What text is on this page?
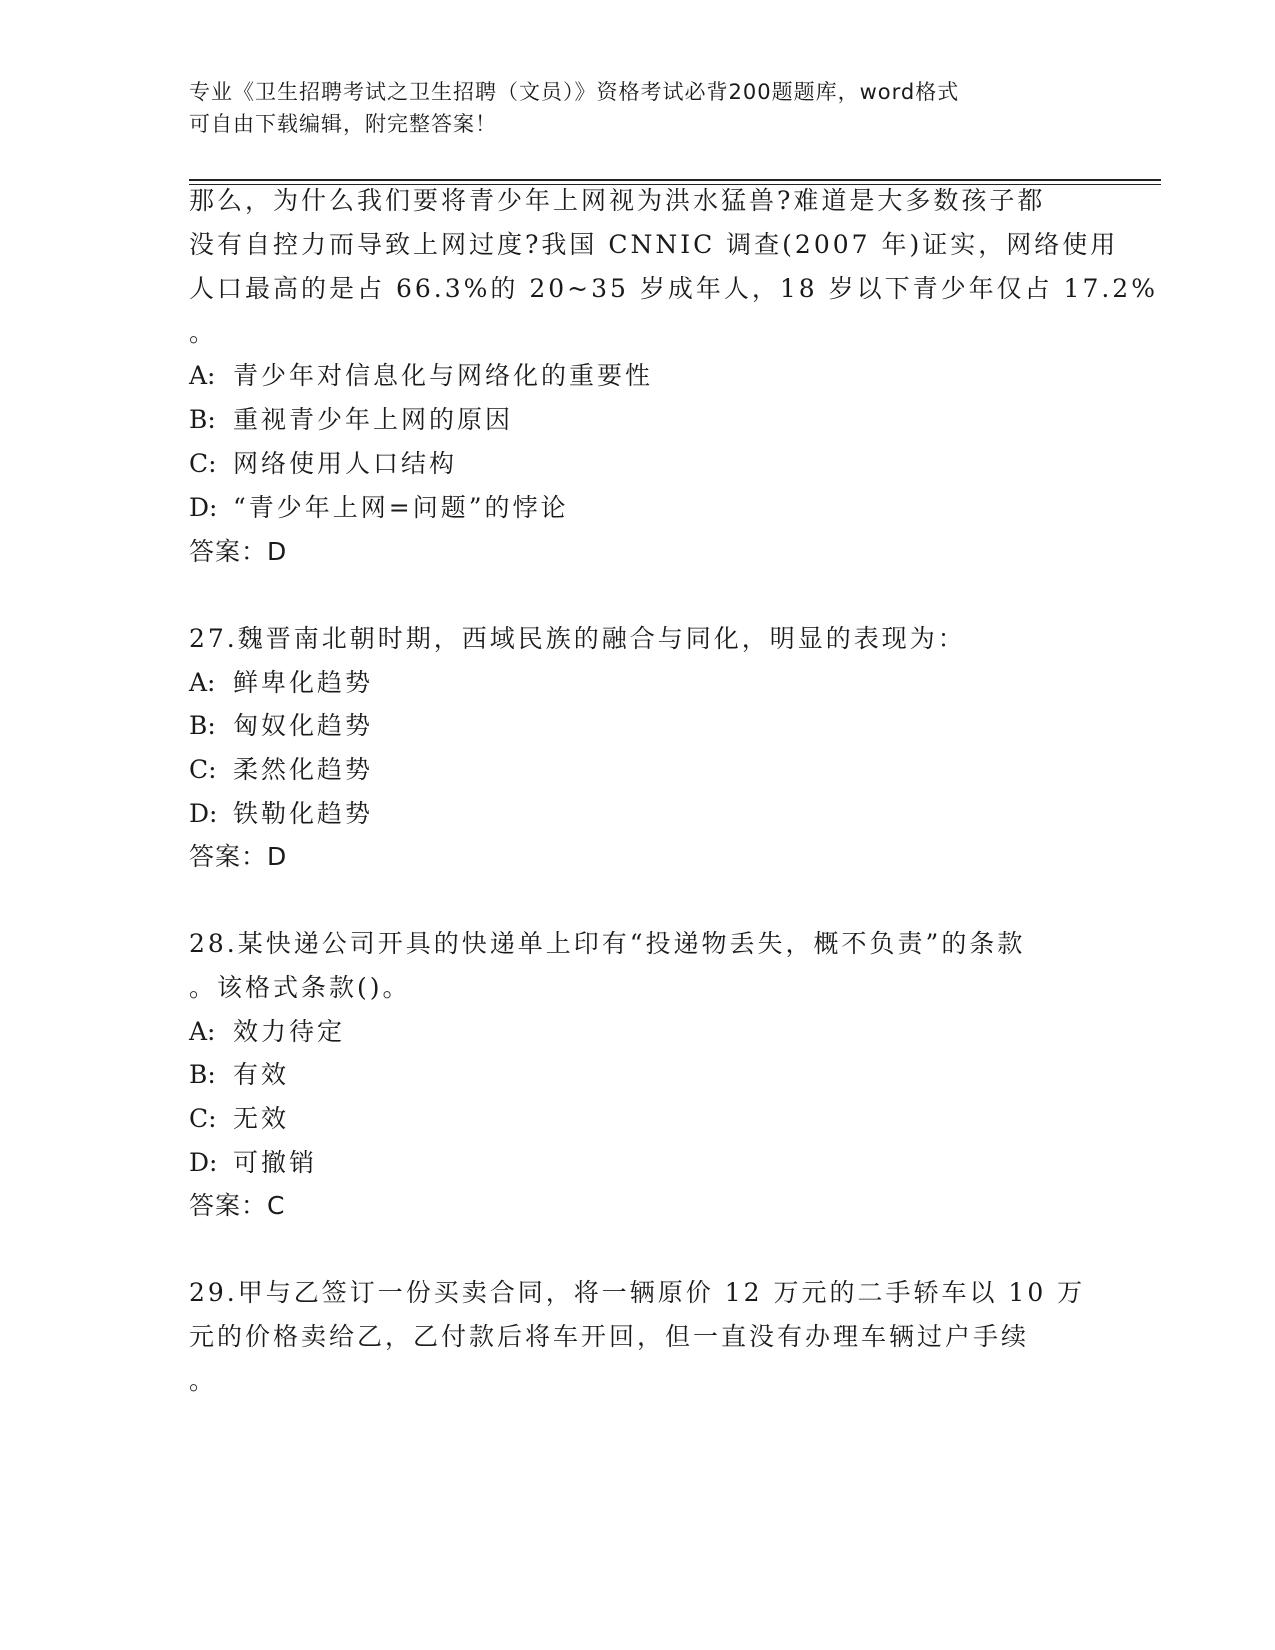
专业《卫生招聘考试之卫生招聘（文员）》资格考试必背200题题库，word格式
可自由下载编辑，附完整答案！
那么，为什么我们要将青少年上网视为洪水猛兽?难道是大多数孩子都
没有自控力而导致上网过度?我国 CNNIC 调查(2007 年)证实，网络使用
人口最高的是占 66.3%的 20~35 岁成年人，18 岁以下青少年仅占 17.2%
。
A: 青少年对信息化与网络化的重要性
B: 重视青少年上网的原因
C: 网络使用人口结构
D: “青少年上网=问题”的悖论
答案：D
27.魏晋南北朝时期，西域民族的融合与同化，明显的表现为：
A: 鲜卑化趋势
B: 匈奴化趋势
C: 柔然化趋势
D: 铁勒化趋势
答案：D
28.某快递公司开具的快递单上印有“投递物丢失，概不负责”的条款
。该格式条款()。
A: 效力待定
B: 有效
C: 无效
D: 可撤销
答案：C
29.甲与乙签订一份买卖合同，将一辆原价 12 万元的二手轿车以 10 万
元的价格卖给乙，乙付款后将车开回，但一直没有办理车辆过户手续
。
